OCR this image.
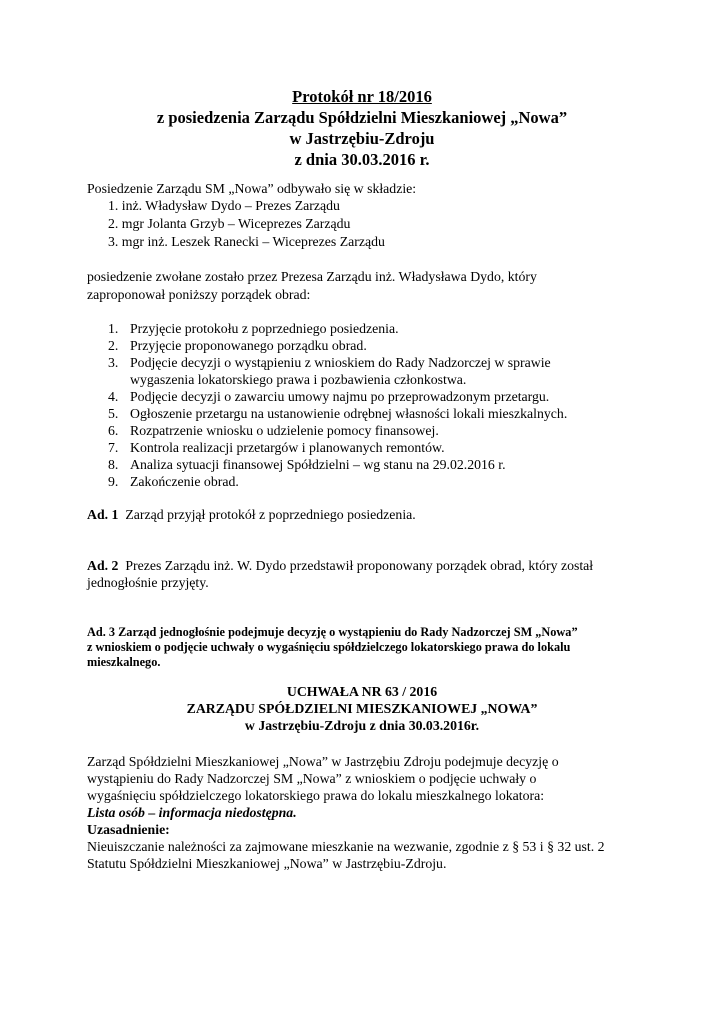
Protokół nr 18/2016
z posiedzenia Zarządu Spółdzielni Mieszkaniowej „Nowa”
w Jastrzębiu-Zdroju
z dnia 30.03.2016 r.
Posiedzenie Zarządu SM „Nowa” odbywało się w składzie:
1. inż. Władysław Dydo – Prezes Zarządu
2. mgr Jolanta Grzyb – Wiceprezes Zarządu
3. mgr inż. Leszek Ranecki – Wiceprezes Zarządu
posiedzenie zwołane zostało przez Prezesa Zarządu inż. Władysława Dydo, który
zaproponował poniższy porządek obrad:
1. Przyjęcie protokołu z poprzedniego posiedzenia.
2. Przyjęcie proponowanego porządku obrad.
3. Podjęcie decyzji o wystąpieniu z wnioskiem do Rady Nadzorczej w sprawie
wygaszenia lokatorskiego prawa i pozbawienia członkostwa.
4. Podjęcie decyzji o zawarciu umowy najmu po przeprowadzonym przetargu.
5. Ogłoszenie przetargu na ustanowienie odrębnej własności lokali mieszkalnych.
6. Rozpatrzenie wniosku o udzielenie pomocy finansowej.
7. Kontrola realizacji przetargów i planowanych remontów.
8. Analiza sytuacji finansowej Spółdzielni – wg stanu na 29.02.2016 r.
9. Zakończenie obrad.
Ad. 1 Zarząd przyjął protokół z poprzedniego posiedzenia.
Ad. 2 Prezes Zarządu inż. W. Dydo przedstawił proponowany porządek obrad, który został
jednogłośnie przyjęty.
Ad. 3 Zarząd jednogłośnie podejmuje decyzję o wystąpieniu do Rady Nadzorczej SM „Nowa”
z wnioskiem o podjęcie uchwały o wygaśnięciu spółdzielczego lokatorskiego prawa do lokalu
mieszkalnego.
UCHWAŁA NR 63 / 2016
ZARZĄDU SPÓŁDZIELNI MIESZKANIOWEJ „NOWA”
w Jastrzębiu-Zdroju z dnia 30.03.2016r.
Zarząd Spółdzielni Mieszkaniowej „Nowa” w Jastrzębiu Zdroju podejmuje decyzję o
wystąpieniu do Rady Nadzorczej SM „Nowa” z wnioskiem o podjęcie uchwały o
wygaśnięciu spółdzielczego lokatorskiego prawa do lokalu mieszkalnego lokatora:
Lista osób – informacja niedostępna.
Uzasadnienie:
Nieuiszczanie należności za zajmowane mieszkanie na wezwanie, zgodnie z § 53 i § 32 ust. 2
Statutu Spółdzielni Mieszkaniowej „Nowa” w Jastrzębiu-Zdroju.
